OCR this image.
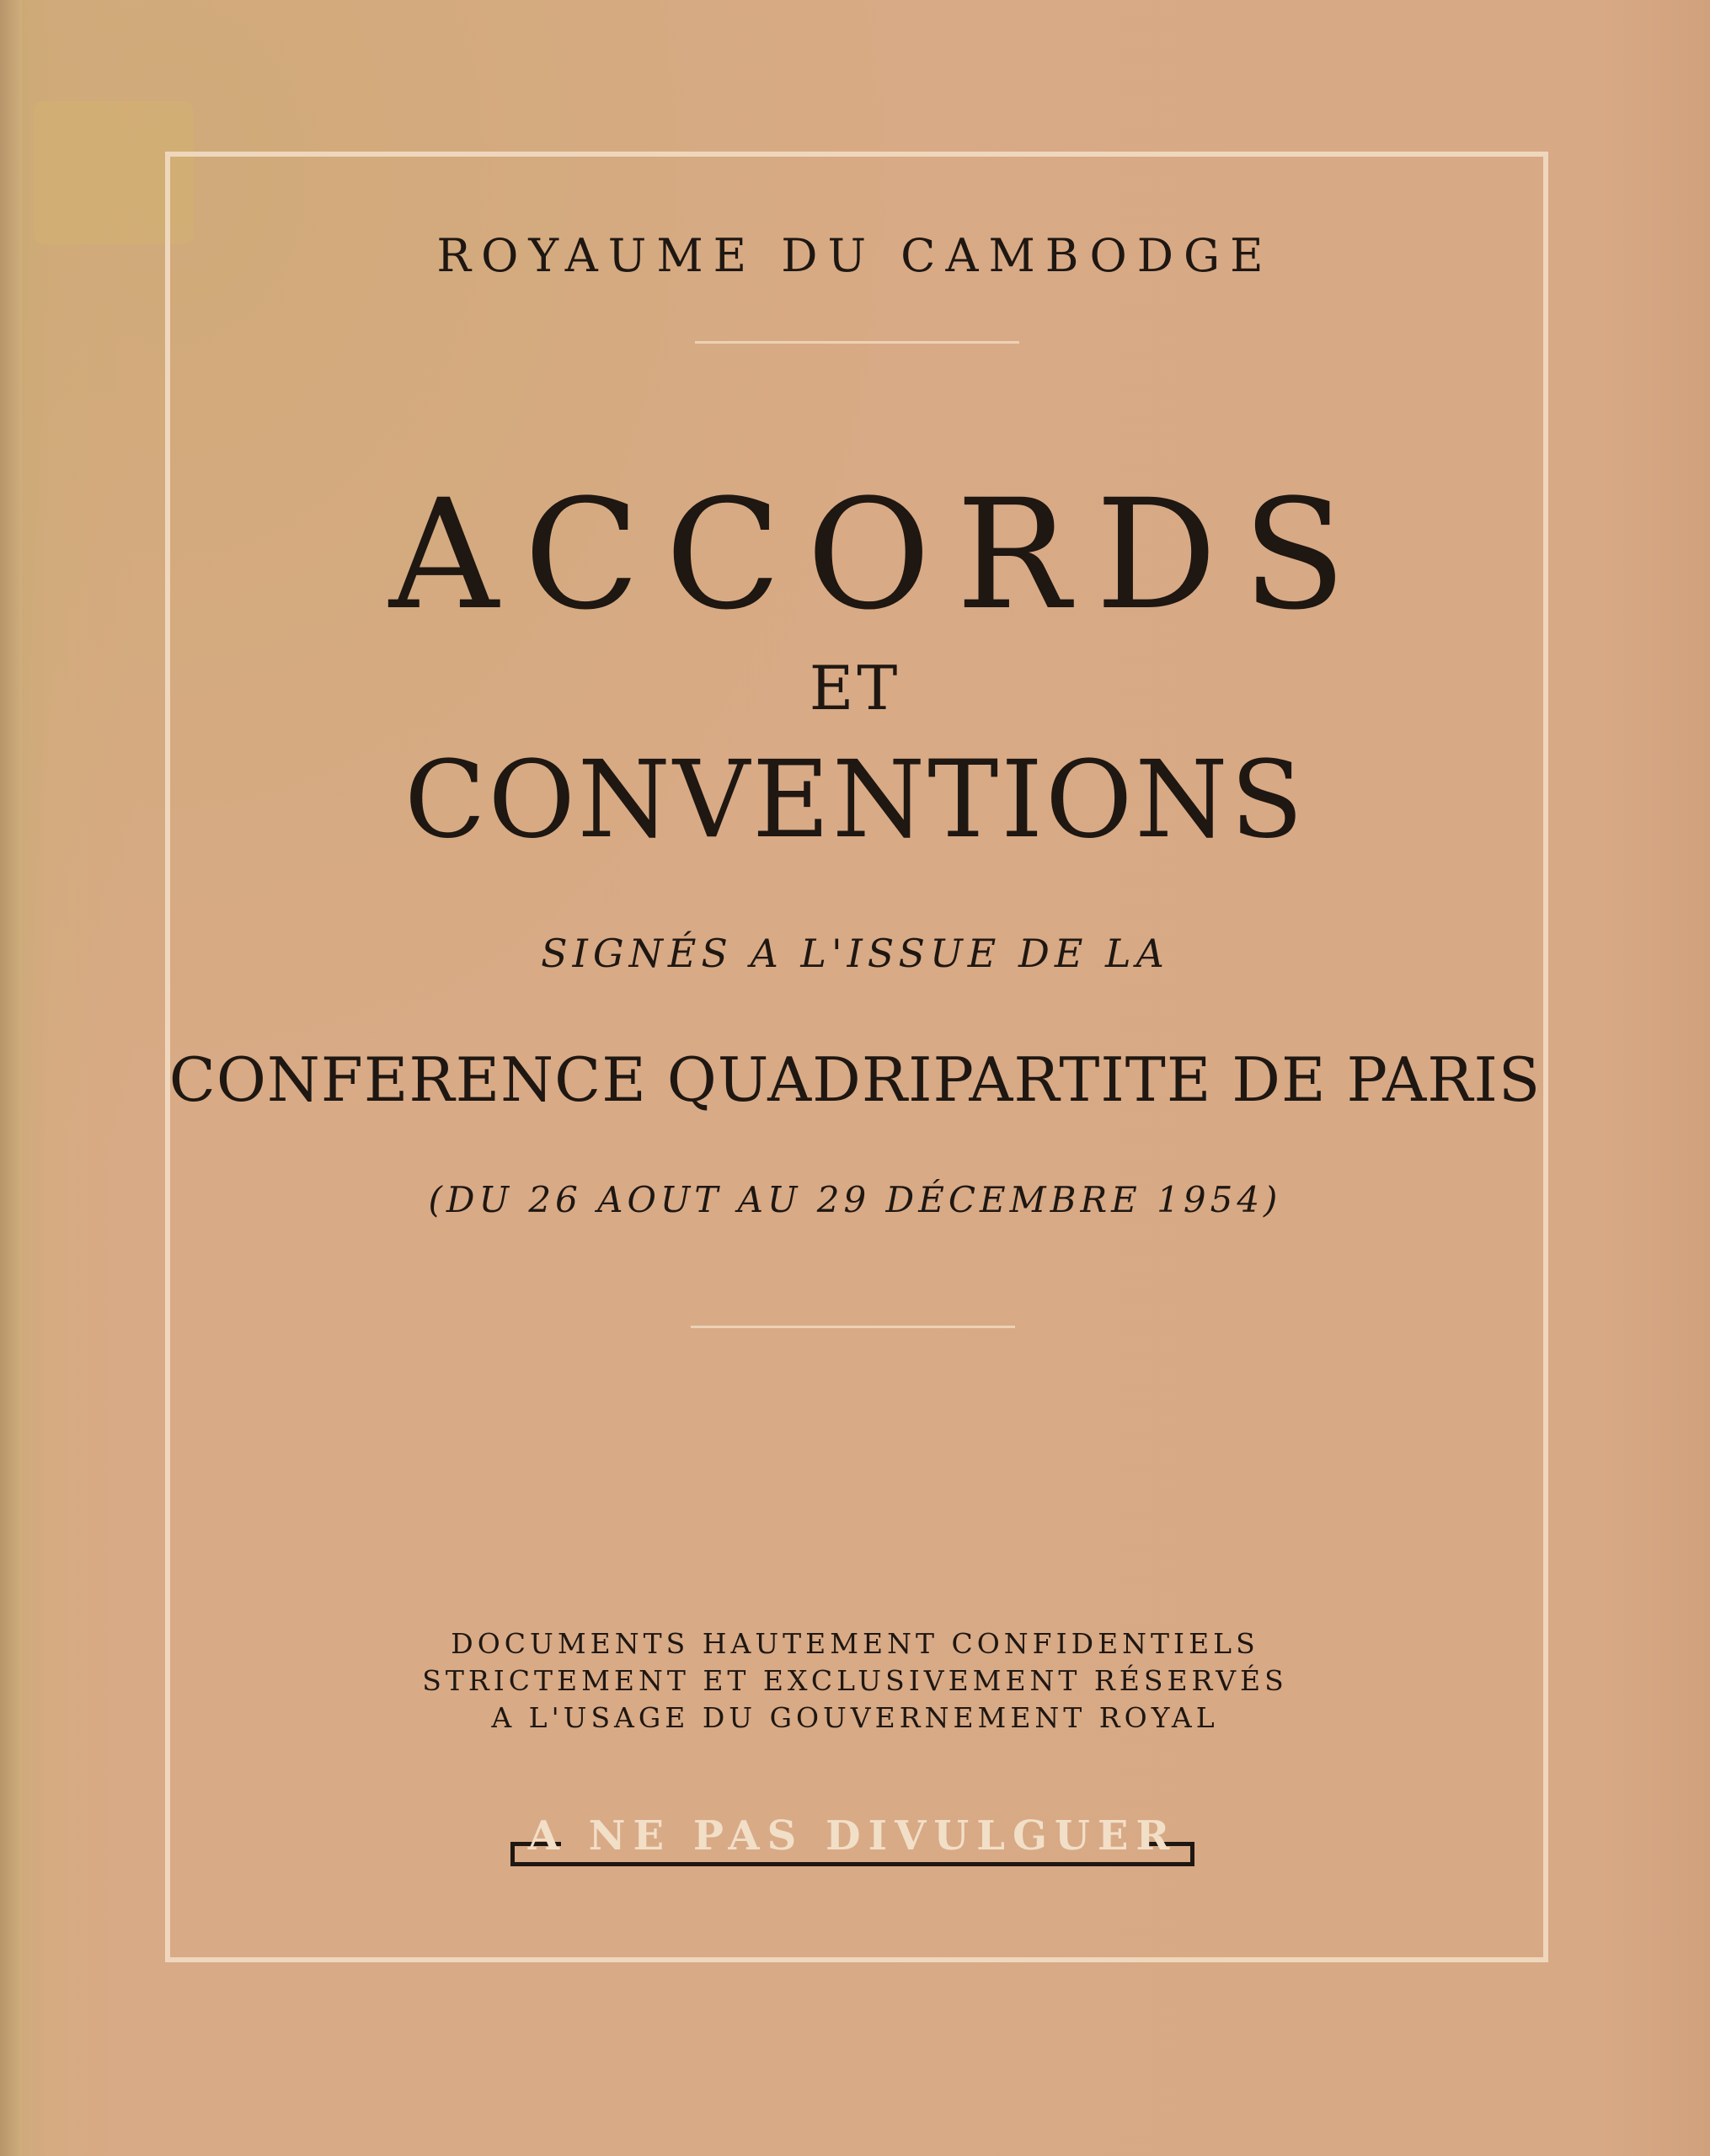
ROYAUME DU CAMBODGE
ACCORDS
ET
CONVENTIONS
SIGNÉS A L'ISSUE DE LA
CONFERENCE QUADRIPARTITE DE PARIS
(DU 26 AOUT AU 29 DÉCEMBRE 1954)
DOCUMENTS HAUTEMENT CONFIDENTIELS
STRICTEMENT ET EXCLUSIVEMENT RÉSERVÉS
A L'USAGE DU GOUVERNEMENT ROYAL
A NE PAS DIVULGUER
